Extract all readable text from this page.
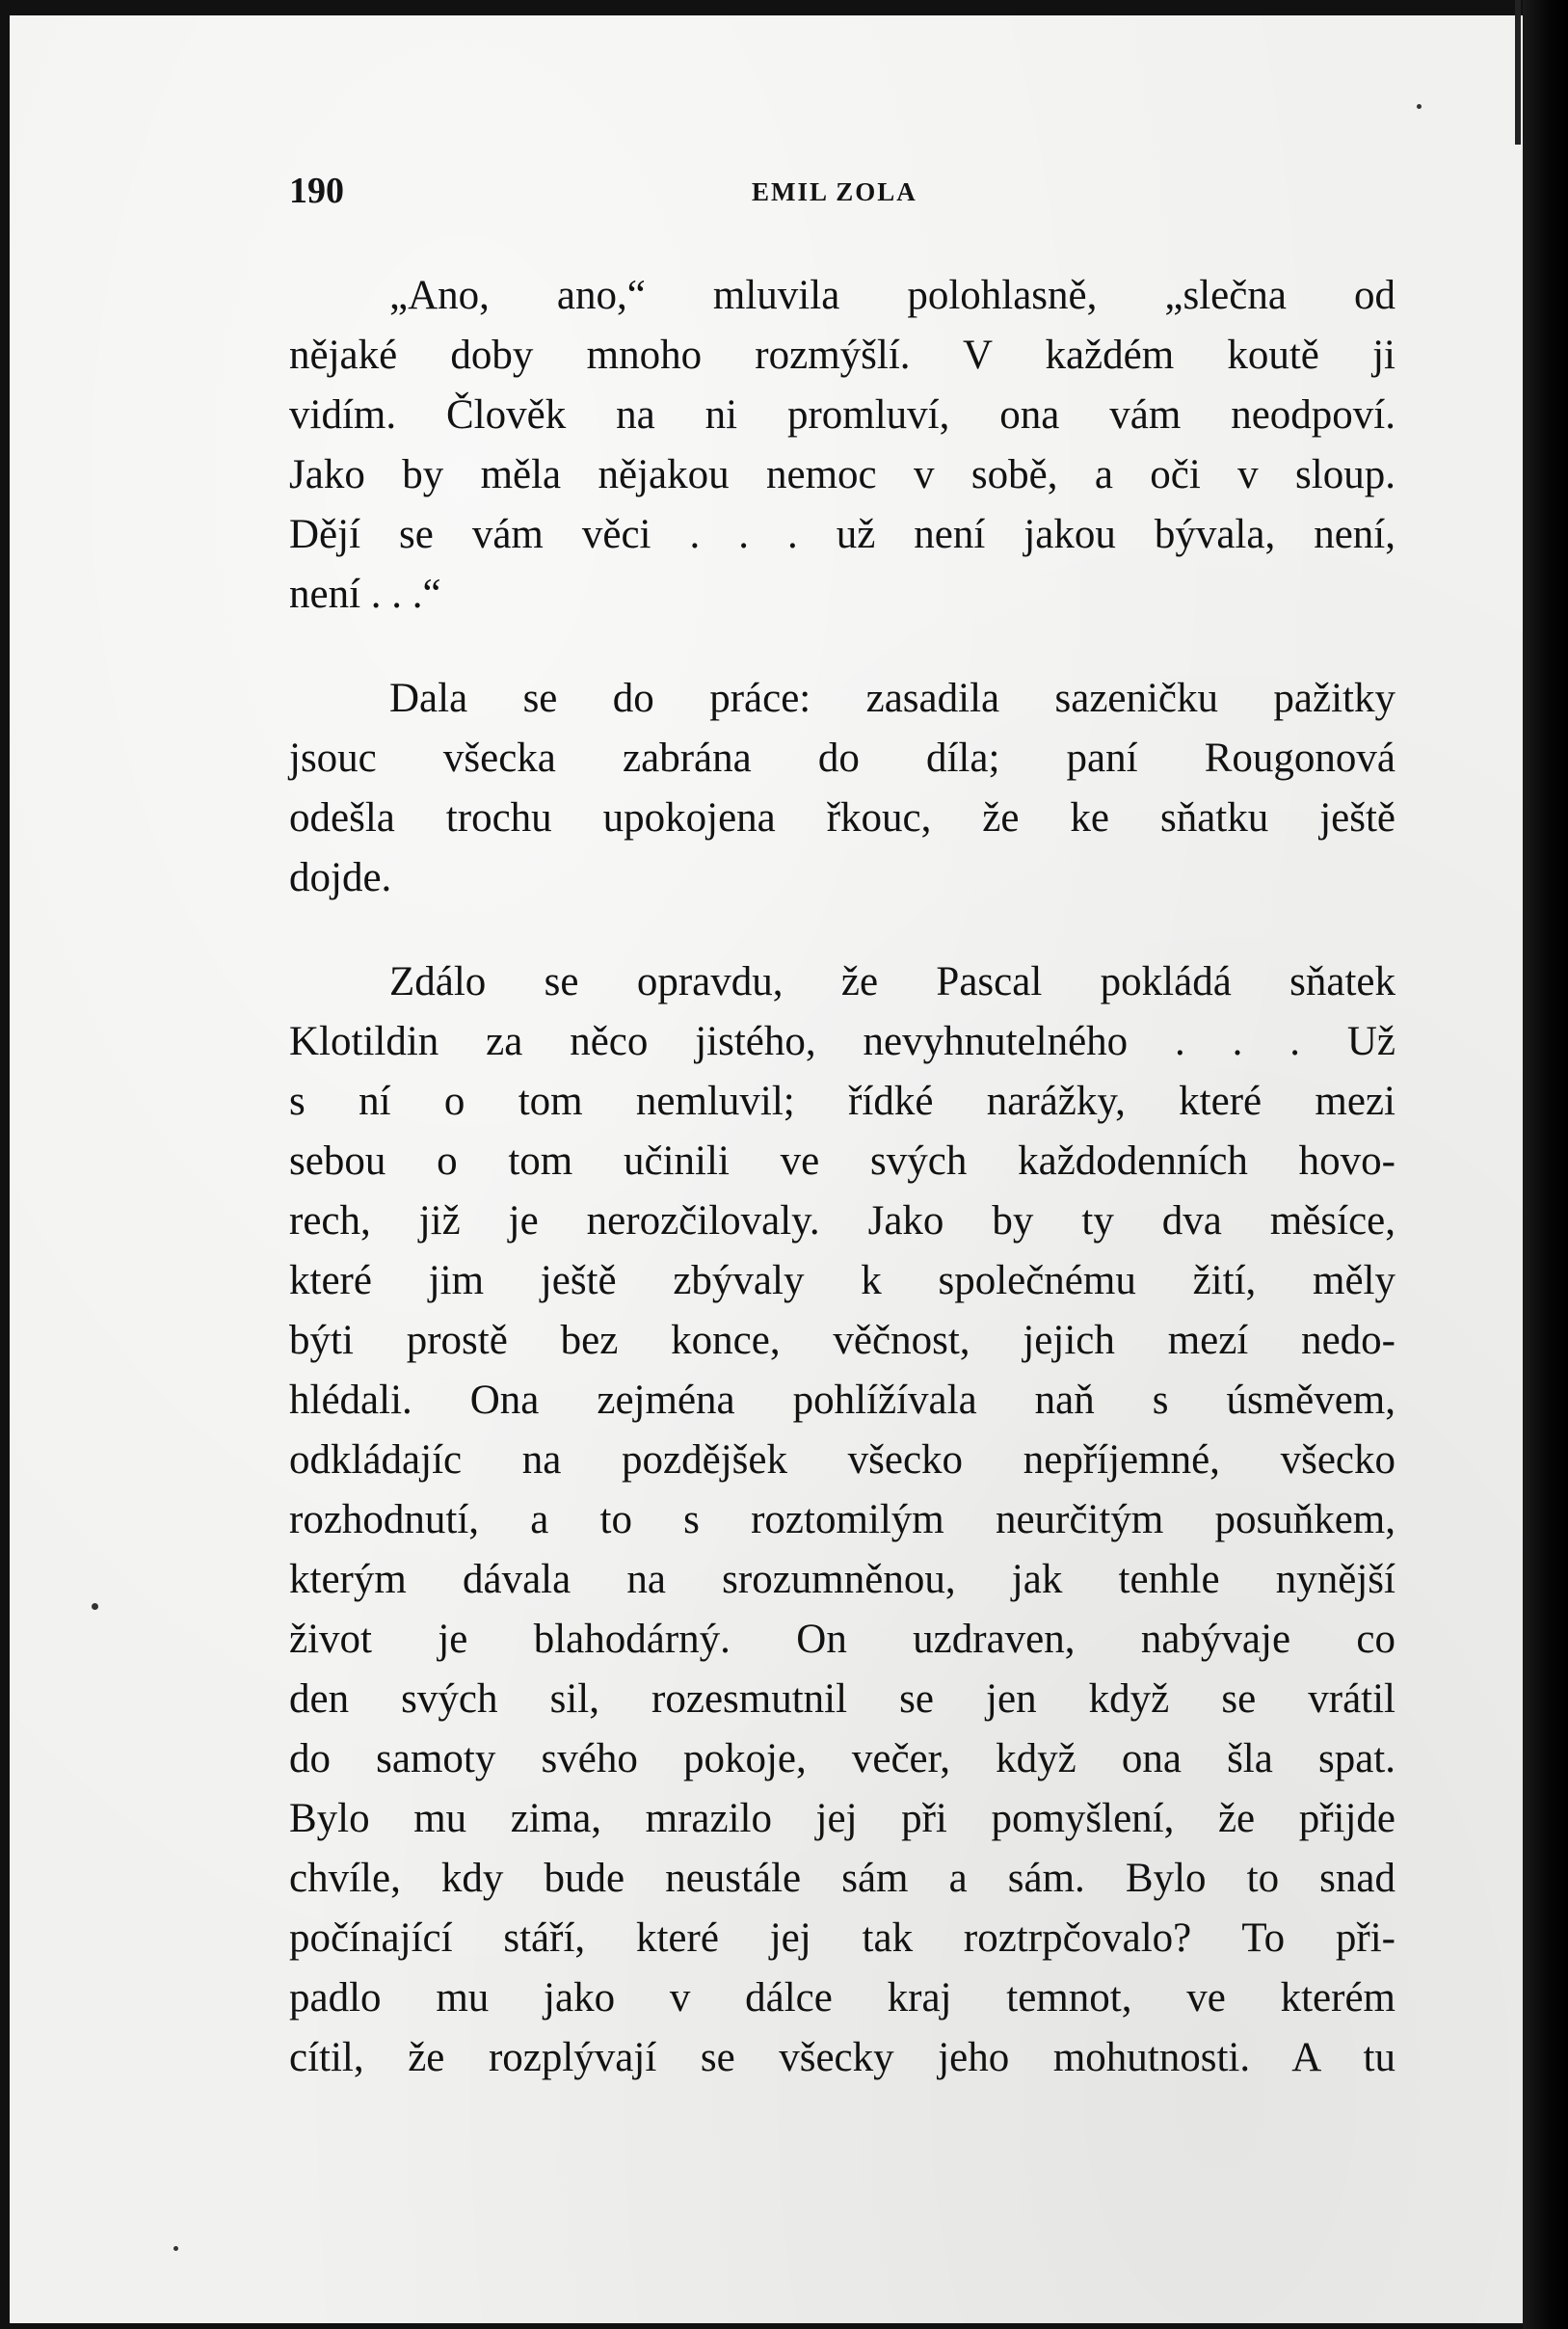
190	EMIL ZOLA
„Ano, ano,“ mluvila polohlasně, „slečna od
nějaké doby mnoho rozmýšlí. V každém koutě ji
vidím. Člověk na ni promluví, ona vám neodpoví.
Jako by měla nějakou nemoc v sobě, a oči v sloup.
Dějí se vám věci . . . už není jakou bývala, není,
není . . .“
Dala se do práce: zasadila sazeničku pažitky
jsouc všecka zabrána do díla; paní Rougonová
odešla trochu upokojena řkouc, že ke sňatku ještě
dojde.
Zdálo se opravdu, že Pascal pokládá sňatek
Klotildin za něco jistého, nevyhnutelného . . . Už
s ní o tom nemluvil; řídké narážky, které mezi
sebou o tom učinili ve svých každodenních hovo-
rech, již je nerozčilovaly. Jako by ty dva měsíce,
které jim ještě zbývaly k společnému žití, měly
býti prostě bez konce, věčnost, jejich mezí nedo-
hlédali. Ona zejména pohlížívala naň s úsměvem,
odkládajíc na pozdějšek všecko nepříjemné, všecko
rozhodnutí, a to s roztomilým neurčitým posuňkem,
kterým dávala na srozumněnou, jak tenhle nynější
život je blahodárný. On uzdraven, nabývaje co
den svých sil, rozesmutnil se jen když se vrátil
do samoty svého pokoje, večer, když ona šla spat.
Bylo mu zima, mrazilo jej při pomyšlení, že přijde
chvíle, kdy bude neustále sám a sám. Bylo to snad
počínající stáří, které jej tak roztrpčovalo? To při-
padlo mu jako v dálce kraj temnot, ve kterém
cítil, že rozplývají se všecky jeho mohutnosti. A tu
